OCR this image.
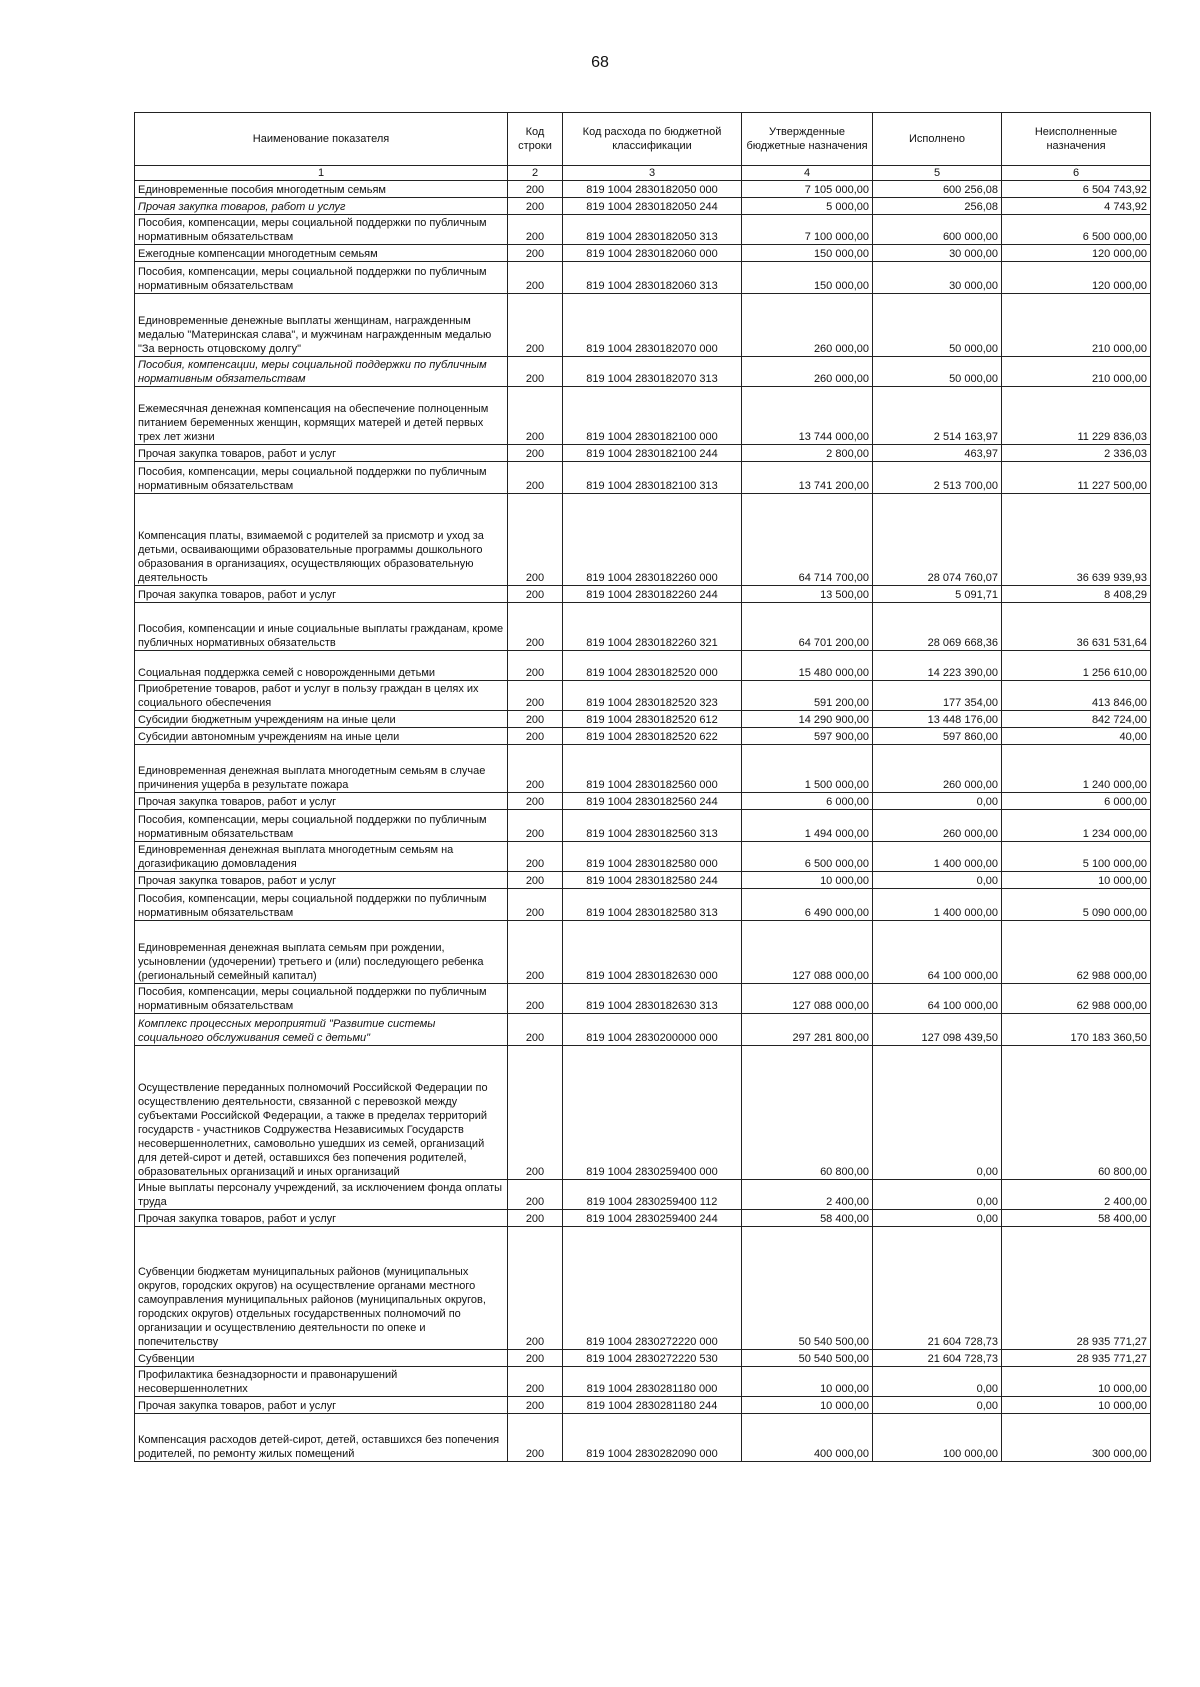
68
Наименование показателя	Код строки	Код расхода по бюджетной классификации	Утвержденные бюджетные назначения	Исполнено	Неисполненные назначения
1	2	3	4	5	6
Единовременные пособия многодетным семьям	200	819 1004 2830182050 000	7 105 000,00	600 256,08	6 504 743,92
Прочая закупка товаров, работ и услуг	200	819 1004 2830182050 244	5 000,00	256,08	4 743,92
Пособия, компенсации, меры социальной поддержки по публичным нормативным обязательствам	200	819 1004 2830182050 313	7 100 000,00	600 000,00	6 500 000,00
Ежегодные компенсации многодетным семьям	200	819 1004 2830182060 000	150 000,00	30 000,00	120 000,00
Пособия, компенсации, меры социальной поддержки по публичным нормативным обязательствам	200	819 1004 2830182060 313	150 000,00	30 000,00	120 000,00
Единовременные денежные выплаты женщинам, награжденным медалью "Материнская слава", и мужчинам награжденным медалью "За верность отцовскому долгу"	200	819 1004 2830182070 000	260 000,00	50 000,00	210 000,00
Пособия, компенсации, меры социальной поддержки по публичным нормативным обязательствам	200	819 1004 2830182070 313	260 000,00	50 000,00	210 000,00
Ежемесячная денежная компенсация на обеспечение полноценным питанием беременных женщин, кормящих матерей и детей первых трех лет жизни	200	819 1004 2830182100 000	13 744 000,00	2 514 163,97	11 229 836,03
Прочая закупка товаров, работ и услуг	200	819 1004 2830182100 244	2 800,00	463,97	2 336,03
Пособия, компенсации, меры социальной поддержки по публичным нормативным обязательствам	200	819 1004 2830182100 313	13 741 200,00	2 513 700,00	11 227 500,00
Компенсация платы, взимаемой с родителей за присмотр и уход за детьми, осваивающими образовательные программы дошкольного образования в организациях, осуществляющих образовательную деятельность	200	819 1004 2830182260 000	64 714 700,00	28 074 760,07	36 639 939,93
Прочая закупка товаров, работ и услуг	200	819 1004 2830182260 244	13 500,00	5 091,71	8 408,29
Пособия, компенсации и иные социальные выплаты гражданам, кроме публичных нормативных обязательств	200	819 1004 2830182260 321	64 701 200,00	28 069 668,36	36 631 531,64
Социальная поддержка семей с новорожденными детьми	200	819 1004 2830182520 000	15 480 000,00	14 223 390,00	1 256 610,00
Приобретение товаров, работ и услуг в пользу граждан в целях их социального обеспечения	200	819 1004 2830182520 323	591 200,00	177 354,00	413 846,00
Субсидии бюджетным учреждениям на иные цели	200	819 1004 2830182520 612	14 290 900,00	13 448 176,00	842 724,00
Субсидии автономным учреждениям на иные цели	200	819 1004 2830182520 622	597 900,00	597 860,00	40,00
Единовременная денежная выплата многодетным семьям в случае причинения ущерба в результате пожара	200	819 1004 2830182560 000	1 500 000,00	260 000,00	1 240 000,00
Прочая закупка товаров, работ и услуг	200	819 1004 2830182560 244	6 000,00	0,00	6 000,00
Пособия, компенсации, меры социальной поддержки по публичным нормативным обязательствам	200	819 1004 2830182560 313	1 494 000,00	260 000,00	1 234 000,00
Единовременная денежная выплата многодетным семьям на догазификацию домовладения	200	819 1004 2830182580 000	6 500 000,00	1 400 000,00	5 100 000,00
Прочая закупка товаров, работ и услуг	200	819 1004 2830182580 244	10 000,00	0,00	10 000,00
Пособия, компенсации, меры социальной поддержки по публичным нормативным обязательствам	200	819 1004 2830182580 313	6 490 000,00	1 400 000,00	5 090 000,00
Единовременная денежная выплата семьям при рождении, усыновлении (удочерении) третьего и (или) последующего ребенка (региональный семейный капитал)	200	819 1004 2830182630 000	127 088 000,00	64 100 000,00	62 988 000,00
Пособия, компенсации, меры социальной поддержки по публичным нормативным обязательствам	200	819 1004 2830182630 313	127 088 000,00	64 100 000,00	62 988 000,00
Комплекс процессных мероприятий "Развитие системы социального обслуживания семей с детьми"	200	819 1004 2830200000 000	297 281 800,00	127 098 439,50	170 183 360,50
Осуществление переданных полномочий Российской Федерации по осуществлению деятельности, связанной с перевозкой между субъектами Российской Федерации, а также в пределах территорий государств - участников Содружества Независимых Государств несовершеннолетних, самовольно ушедших из семей, организаций для детей-сирот и детей, оставшихся без попечения родителей, образовательных организаций и иных организаций	200	819 1004 2830259400 000	60 800,00	0,00	60 800,00
Иные выплаты персоналу учреждений, за исключением фонда оплаты труда	200	819 1004 2830259400 112	2 400,00	0,00	2 400,00
Прочая закупка товаров, работ и услуг	200	819 1004 2830259400 244	58 400,00	0,00	58 400,00
Субвенции бюджетам муниципальных районов (муниципальных округов, городских округов) на осуществление органами местного самоуправления муниципальных районов (муниципальных округов, городских округов) отдельных государственных полномочий по организации и осуществлению деятельности по опеке и попечительству	200	819 1004 2830272220 000	50 540 500,00	21 604 728,73	28 935 771,27
Субвенции	200	819 1004 2830272220 530	50 540 500,00	21 604 728,73	28 935 771,27
Профилактика безнадзорности и правонарушений несовершеннолетних	200	819 1004 2830281180 000	10 000,00	0,00	10 000,00
Прочая закупка товаров, работ и услуг	200	819 1004 2830281180 244	10 000,00	0,00	10 000,00
Компенсация расходов детей-сирот, детей, оставшихся без попечения родителей, по ремонту жилых помещений	200	819 1004 2830282090 000	400 000,00	100 000,00	300 000,00
